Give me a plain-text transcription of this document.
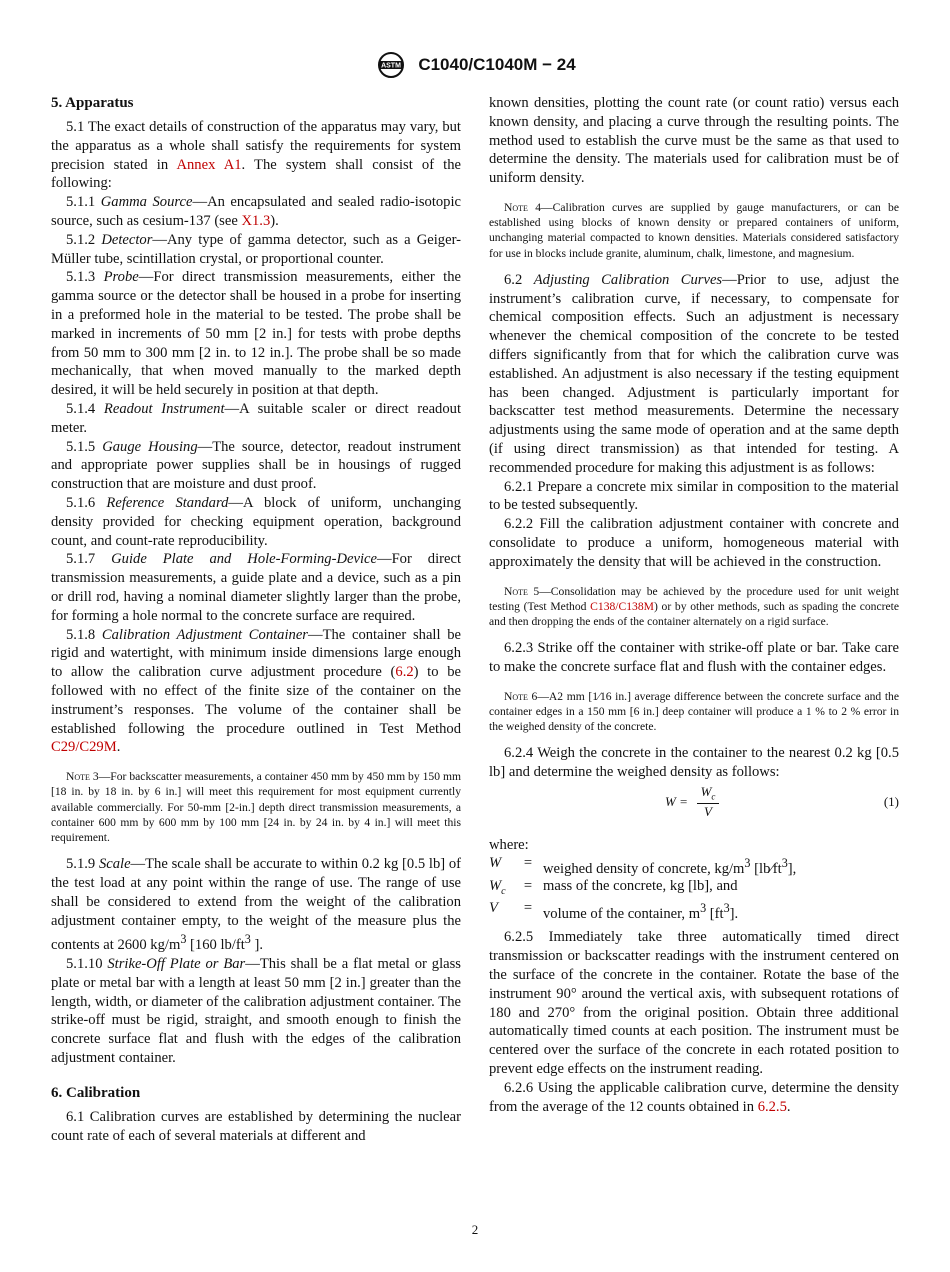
ASTM C1040/C1040M − 24
5. Apparatus

5.1 The exact details of construction of the apparatus may vary, but the apparatus as a whole shall satisfy the requirements for system precision stated in Annex A1. The system shall consist of the following:

5.1.1 Gamma Source—An encapsulated and sealed radio-isotopic source, such as cesium-137 (see X1.3).

5.1.2 Detector—Any type of gamma detector, such as a Geiger-Müller tube, scintillation crystal, or proportional counter.

5.1.3 Probe—For direct transmission measurements, either the gamma source or the detector shall be housed in a probe for inserting in a preformed hole in the material to be tested. The probe shall be marked in increments of 50 mm [2 in.] for tests with probe depths from 50 mm to 300 mm [2 in. to 12 in.]. The probe shall be so made mechanically, that when moved manually to the marked depth desired, it will be held securely in position at that depth.

5.1.4 Readout Instrument—A suitable scaler or direct readout meter.

5.1.5 Gauge Housing—The source, detector, readout instrument and appropriate power supplies shall be in housings of rugged construction that are moisture and dust proof.

5.1.6 Reference Standard—A block of uniform, unchanging density provided for checking equipment operation, background count, and count-rate reproducibility.

5.1.7 Guide Plate and Hole-Forming-Device—For direct transmission measurements, a guide plate and a device, such as a pin or drill rod, having a nominal diameter slightly larger than the probe, for forming a hole normal to the concrete surface are required.

5.1.8 Calibration Adjustment Container—The container shall be rigid and watertight, with minimum inside dimensions large enough to allow the calibration curve adjustment procedure (6.2) to be followed with no effect of the finite size of the container on the instrument’s responses. The volume of the container shall be established following the procedure outlined in Test Method C29/C29M.

Note 3—For backscatter measurements, a container 450 mm by 450 mm by 150 mm [18 in. by 18 in. by 6 in.] will meet this requirement for most equipment currently available commercially. For 50-mm [2-in.] depth direct transmission measurements, a container 600 mm by 600 mm by 100 mm [24 in. by 24 in. by 4 in.] will meet this requirement.

5.1.9 Scale—The scale shall be accurate to within 0.2 kg [0.5 lb] of the test load at any point within the range of use. The range of use shall be considered to extend from the weight of the calibration adjustment container empty, to the weight of the measure plus the contents at 2600 $kg/m^3$ [160 $lb/ft^3$ ].

5.1.10 Strike-Off Plate or Bar—This shall be a flat metal or glass plate or metal bar with a length at least 50 mm [2 in.] greater than the length, width, or diameter of the calibration adjustment container. The strike-off must be rigid, straight, and smooth enough to finish the concrete surface flat and flush with the edges of the calibration adjustment container.

6. Calibration

6.1 Calibration curves are established by determining the nuclear count rate of each of several materials at different and

known densities, plotting the count rate (or count ratio) versus each known density, and placing a curve through the resulting points. The method used to establish the curve must be the same as that used to determine the density. The materials used for calibration must be of uniform density.

Note 4—Calibration curves are supplied by gauge manufacturers, or can be established using blocks of known density or prepared containers of uniform, unchanging material compacted to known densities. Materials considered satisfactory for use in blocks include granite, aluminum, chalk, limestone, and magnesium.

6.2 Adjusting Calibration Curves—Prior to use, adjust the instrument’s calibration curve, if necessary, to compensate for chemical composition effects. Such an adjustment is necessary whenever the chemical composition of the concrete to be tested differs significantly from that for which the calibration curve was established. An adjustment is also necessary if the testing equipment has been changed. Adjustment is particularly important for backscatter test method measurements. Determine the necessary adjustments using the same mode of operation and at the same depth (if using direct transmission) as that intended for testing. A recommended procedure for making this adjustment is as follows:

6.2.1 Prepare a concrete mix similar in composition to the material to be tested subsequently.

6.2.2 Fill the calibration adjustment container with concrete and consolidate to produce a uniform, homogeneous material with approximately the density that will be achieved in the construction.

Note 5—Consolidation may be achieved by the procedure used for unit weight testing (Test Method C138/C138M) or by other methods, such as spading the concrete and then dropping the ends of the container alternately on a rigid surface.

6.2.3 Strike off the container with strike-off plate or bar. Take care to make the concrete surface flat and flush with the container edges.

Note 6—A2 mm [1⁄16 in.] average difference between the concrete surface and the container edges in a 150 mm [6 in.] deep container will produce a 1 % to 2 % error in the weighed density of the concrete.

6.2.4 Weigh the concrete in the container to the nearest 0.2 kg [0.5 lb] and determine the weighed density as follows:

$W = \frac{W_c}{V}$	(1)

where:

W	=	weighed density of concrete, $kg/m^3$ $[lb⁄ft^3]$,
$W_c$	=	mass of the concrete, kg [lb], and
V	=	volume of the container, $m^3$ $[ft^3]$.

6.2.5 Immediately take three automatically timed direct transmission or backscatter readings with the instrument centered on the surface of the concrete in the container. Rotate the base of the instrument 90° around the vertical axis, with subsequent rotations of 180 and 270° from the original position. Obtain three additional automatically timed counts at each position. The instrument must be centered over the surface of the concrete in each rotated position to prevent edge effects on the instrument reading.

6.2.6 Using the applicable calibration curve, determine the density from the average of the 12 counts obtained in 6.2.5.

2
